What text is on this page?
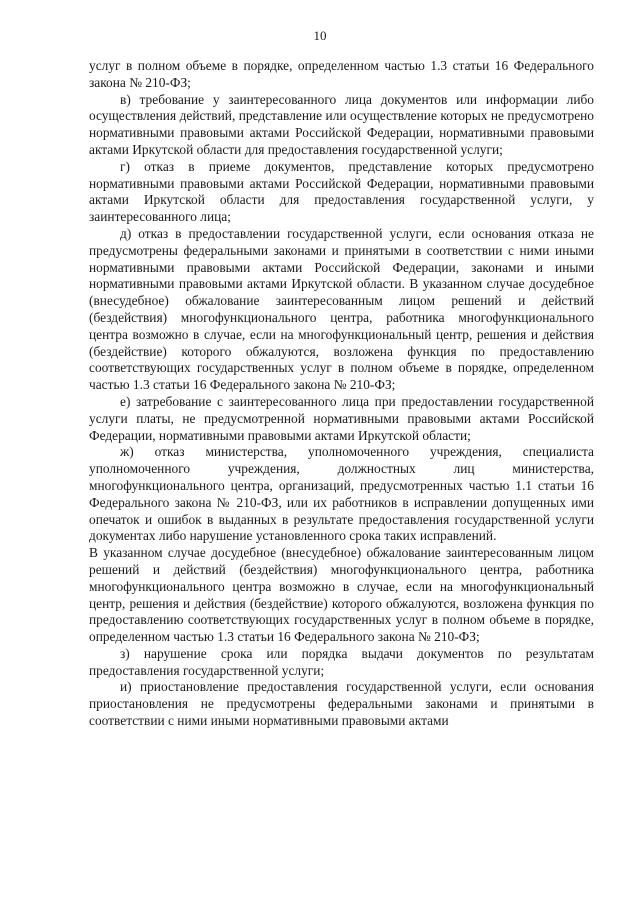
10

услуг в полном объеме в порядке, определенном частью 1.3 статьи 16 Федерального закона № 210-ФЗ;

в) требование у заинтересованного лица документов или информации либо осуществления действий, представление или осуществление которых не предусмотрено нормативными правовыми актами Российской Федерации, нормативными правовыми актами Иркутской области для предоставления государственной услуги;

г) отказ в приеме документов, представление которых предусмотрено нормативными правовыми актами Российской Федерации, нормативными правовыми актами Иркутской области для предоставления государственной услуги, у заинтересованного лица;

д) отказ в предоставлении государственной услуги, если основания отказа не предусмотрены федеральными законами и принятыми в соответствии с ними иными нормативными правовыми актами Российской Федерации, законами и иными нормативными правовыми актами Иркутской области. В указанном случае досудебное (внесудебное) обжалование заинтересованным лицом решений и действий (бездействия) многофункционального центра, работника многофункционального центра возможно в случае, если на многофункциональный центр, решения и действия (бездействие) которого обжалуются, возложена функция по предоставлению соответствующих государственных услуг в полном объеме в порядке, определенном частью 1.3 статьи 16 Федерального закона № 210-ФЗ;

е) затребование с заинтересованного лица при предоставлении государственной услуги платы, не предусмотренной нормативными правовыми актами Российской Федерации, нормативными правовыми актами Иркутской области;

ж) отказ министерства, уполномоченного учреждения, специалиста уполномоченного учреждения, должностных лиц министерства, многофункционального центра, организаций, предусмотренных частью 1.1 статьи 16 Федерального закона № 210-ФЗ, или их работников в исправлении допущенных ими опечаток и ошибок в выданных в результате предоставления государственной услуги документах либо нарушение установленного срока таких исправлений.

В указанном случае досудебное (внесудебное) обжалование заинтересованным лицом решений и действий (бездействия) многофункционального центра, работника многофункционального центра возможно в случае, если на многофункциональный центр, решения и действия (бездействие) которого обжалуются, возложена функция по предоставлению соответствующих государственных услуг в полном объеме в порядке, определенном частью 1.3 статьи 16 Федерального закона № 210-ФЗ;

з) нарушение срока или порядка выдачи документов по результатам предоставления государственной услуги;

и) приостановление предоставления государственной услуги, если основания приостановления не предусмотрены федеральными законами и принятыми в соответствии с ними иными нормативными правовыми актами
